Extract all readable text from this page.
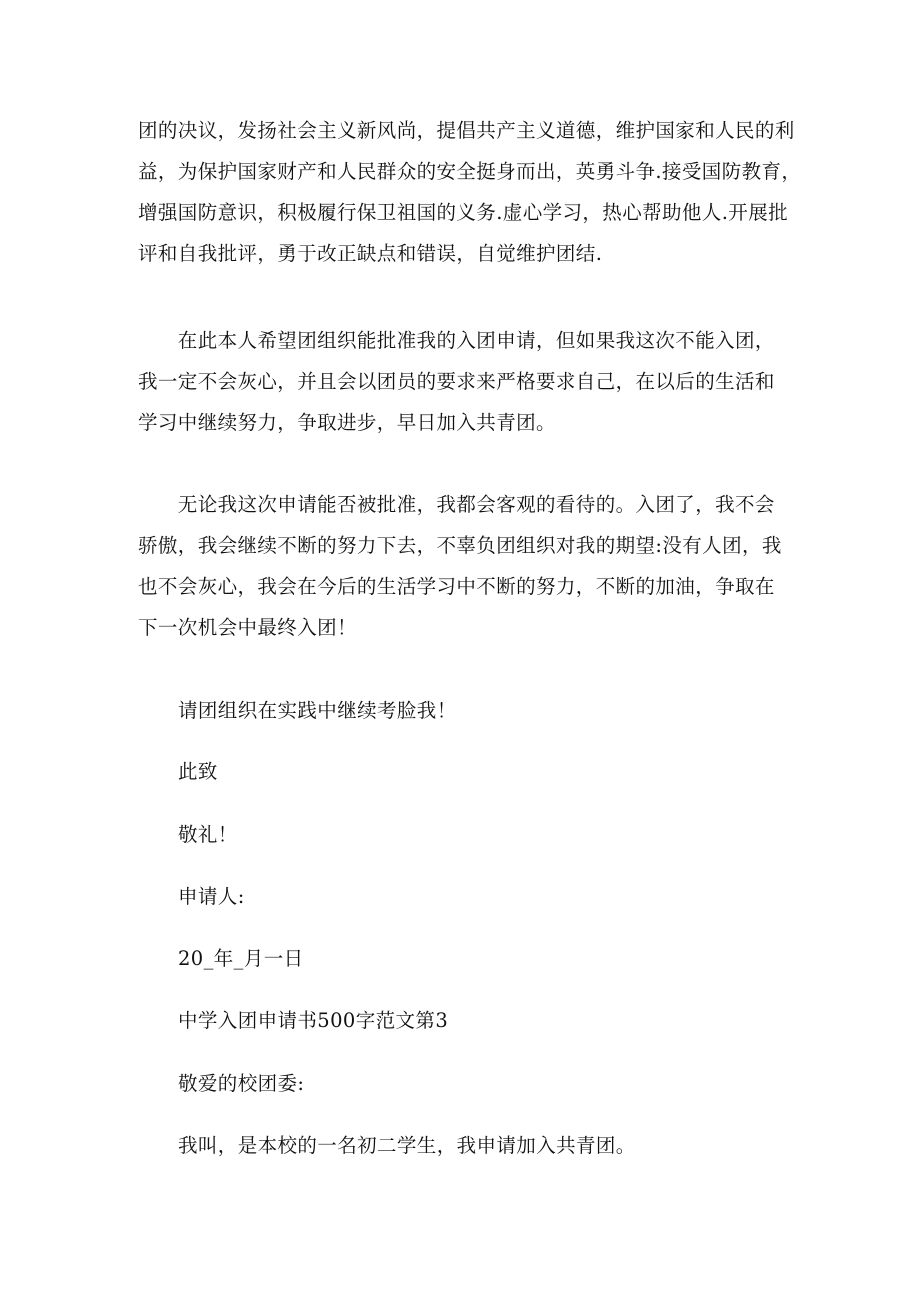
团的决议，发扬社会主义新风尚，提倡共产主义道德，维护国家和人民的利
益，为保护国家财产和人民群众的安全挺身而出，英勇斗争.接受国防教育，
增强国防意识，积极履行保卫祖国的义务.虚心学习，热心帮助他人.开展批
评和自我批评，勇于改正缺点和错误，自觉维护团结.

　　在此本人希望团组织能批准我的入团申请，但如果我这次不能入团，
我一定不会灰心，并且会以团员的要求来严格要求自己，在以后的生活和
学习中继续努力，争取进步，早日加入共青团。

　　无论我这次申请能否被批准，我都会客观的看待的。入团了，我不会
骄傲，我会继续不断的努力下去，不辜负团组织对我的期望:没有人团，我
也不会灰心，我会在今后的生活学习中不断的努力，不断的加油，争取在
下一次机会中最终入团！

请团组织在实践中继续考脸我！

此致

敬礼！

申请人:

20_年_月一日

中学入团申请书500字范文第3

敬爱的校团委:

我叫，是本校的一名初二学生，我申请加入共青团。
